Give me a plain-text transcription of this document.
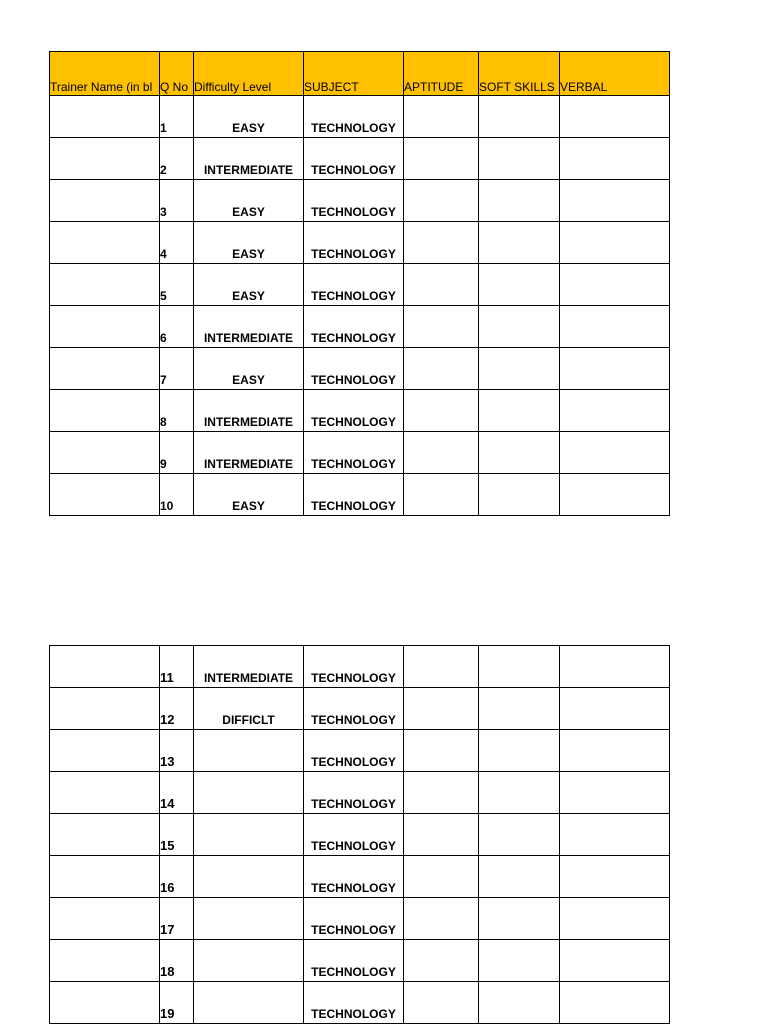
Trainer Name (in bl	Q No	Difficulty Level	SUBJECT	APTITUDE	SOFT SKILLS	VERBAL

	1	EASY	TECHNOLOGY			

	2	INTERMEDIATE	TECHNOLOGY			

	3	EASY	TECHNOLOGY			

	4	EASY	TECHNOLOGY			

	5	EASY	TECHNOLOGY			

	6	INTERMEDIATE	TECHNOLOGY			

	7	EASY	TECHNOLOGY			

	8	INTERMEDIATE	TECHNOLOGY			

	9	INTERMEDIATE	TECHNOLOGY			

	10	EASY	TECHNOLOGY			

	11	INTERMEDIATE	TECHNOLOGY			

	12	DIFFICLT	TECHNOLOGY			

	13		TECHNOLOGY			

	14		TECHNOLOGY			

	15		TECHNOLOGY			

	16		TECHNOLOGY			

	17		TECHNOLOGY			

	18		TECHNOLOGY			

	19		TECHNOLOGY			
